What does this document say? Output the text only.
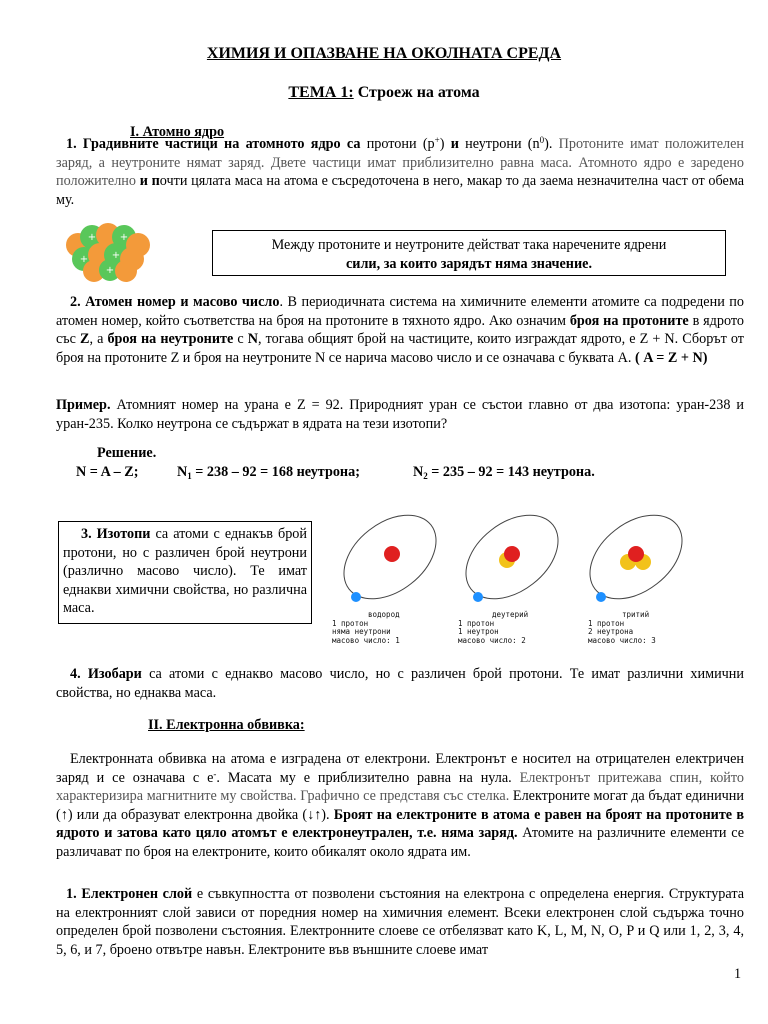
ХИМИЯ И ОПАЗВАНЕ НА ОКОЛНАТА СРЕДА
ТЕМА 1: Строеж на атома
I. Атомно ядро
1. Градивните частици на атомното ядро са протони (p+) и неутрони $(n^0)$. Протоните имат положителен заряд, а неутроните нямат заряд. Двете частици имат приблизително равна маса. Атомното ядро е заредено положително и почти цялата маса на атома е съсредоточена в него, макар то да заема незначителна част от обема му.
+ +
+ +
+
Между протоните и неутроните действат така наречените ядрени
сили, за които зарядът няма значение.
2. Атомен номер и масово число. В периодичната система на химичните елементи атомите са подредени по атомен номер, който съответства на броя на протоните в тяхното ядро. Ако означим броя на протоните в ядрото със Z, а броя на неутроните с N, тогава общият брой на частиците, които изграждат ядрото, е Z + N. Сборът от броя на протоните Z и броя на неутроните N се нарича масово число и се означава с буквата А. ( A = Z + N)
Пример. Атомният номер на урана е Z = 92. Природният уран се състои главно от два изотопа: уран-238 и уран-235. Колко неутрона се съдържат в ядрата на тези изотопи?
Решение.
N = A – Z;	$N_1 = 238 - 92 = 168$ неутрона;	$N_2 = 235 - 92 = 143$ неутрона.
3. Изотопи са атоми с еднакъв брой протони, но с различен брой неутрони (различно масово число). Те имат еднакви химични свойства, но различна маса.	водород
1 протон
няма неутрони
масово число: 1
деутерий
1 протон
1 неутрон
масово число: 2
тритий
1 протон
2 неутрона
масово число: 3
4. Изобари са атоми с еднакво масово число, но с различен брой протони. Те имат различни химични свойства, но еднаква маса.
II. Електронна обвивка:
Електронната обвивка на атома е изградена от електрони. Електронът е носител на отрицателен електричен заряд и се означава с е-. Масата му е приблизително равна на нула. Електронът притежава спин, който характеризира магнитните му свойства. Графично се представя със стелка. Електроните могат да бъдат единични (↑) или да образуват електронна двойка (↓↑). Броят на електроните в атома е равен на броят на протоните в ядрото и затова като цяло атомът е електронеутрален, т.е. няма заряд. Атомите на различните елементи се различават по броя на електроните, които обикалят около ядрата им.
1. Електронен слой е съвкупността от позволени състояния на електрона с определена енергия. Структурата на електронният слой зависи от поредния номер на химичния елемент. Всеки електронен слой съдържа точно определен брой позволени състояния. Електронните слоеве се отбелязват като K, L, M, N, O, P и Q или 1, 2, 3, 4, 5, 6, и 7, броено отвътре навън. Електроните във външните слоеве имат
1
